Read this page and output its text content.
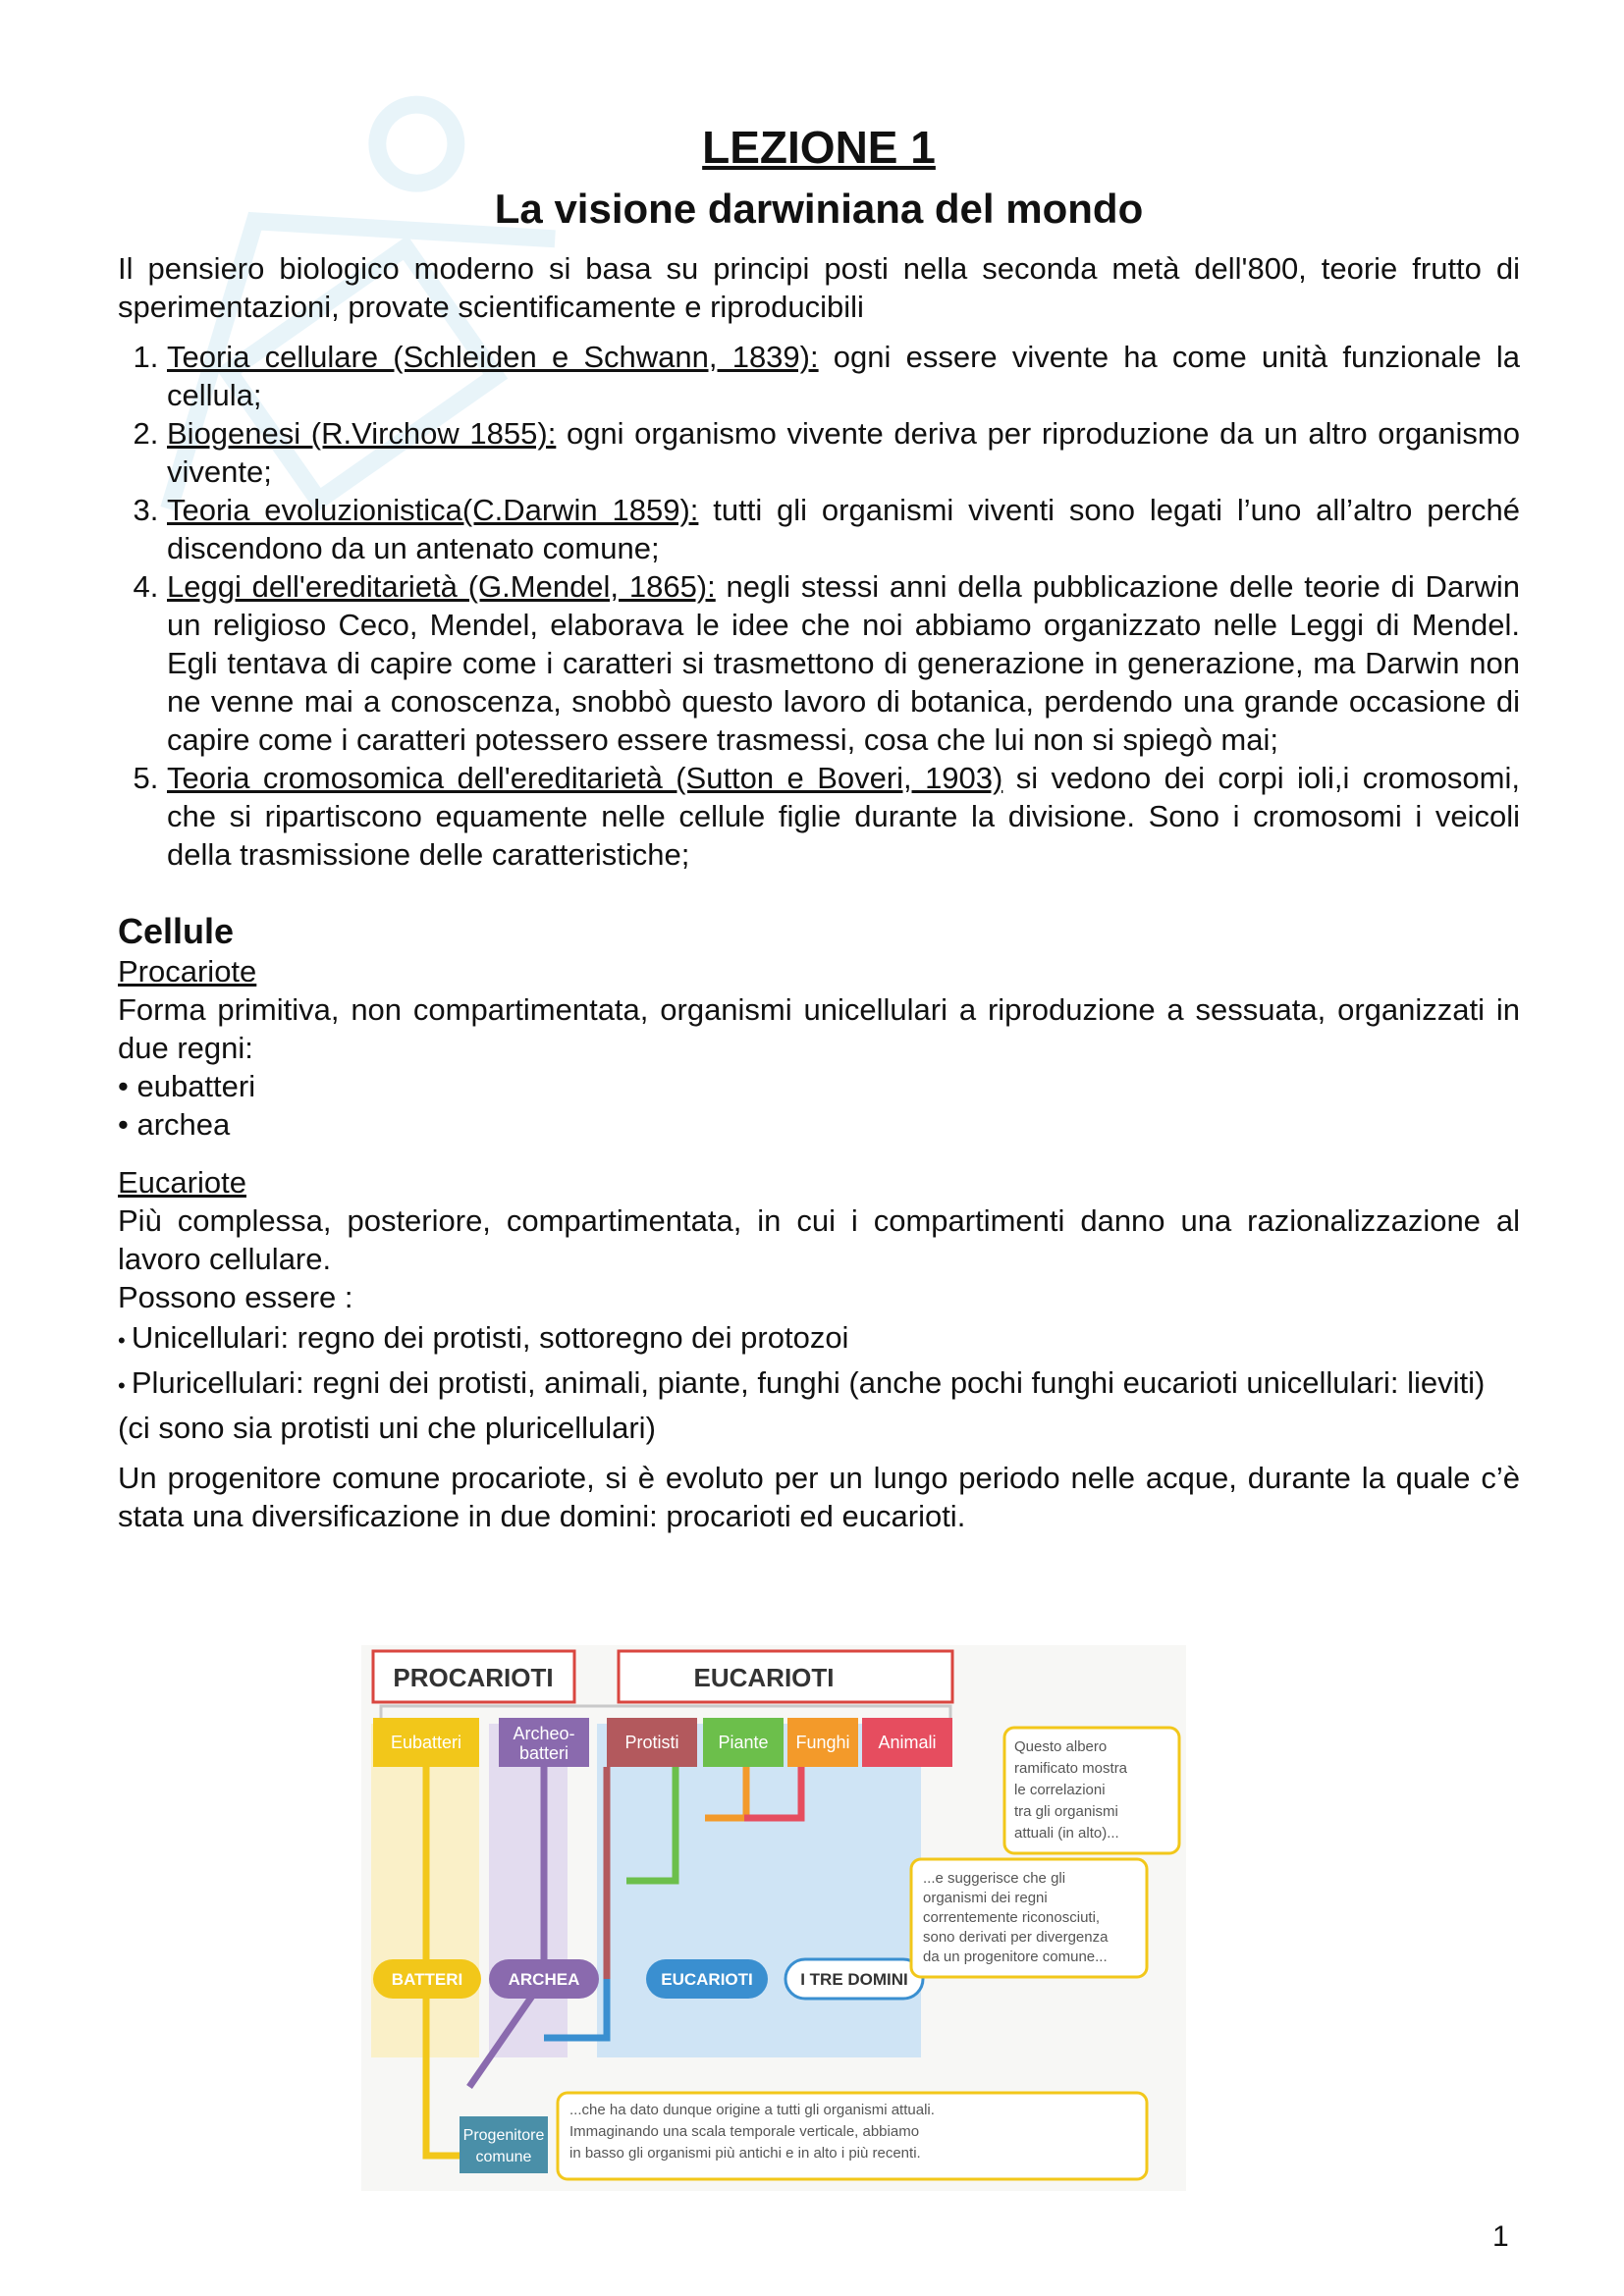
LEZIONE 1
La visione darwiniana del mondo

Il pensiero biologico moderno si basa su principi posti nella seconda metà dell'800, teorie frutto di sperimentazioni, provate scientificamente e riproducibili

1. Teoria cellulare (Schleiden e Schwann, 1839): ogni essere vivente ha come unità funzionale la cellula;
2. Biogenesi (R.Virchow 1855): ogni organismo vivente deriva per riproduzione da un altro organismo vivente;
3. Teoria evoluzionistica(C.Darwin 1859): tutti gli organismi viventi sono legati l’uno all’altro perché discendono da un antenato comune;
4. Leggi dell'ereditarietà (G.Mendel, 1865): negli stessi anni della pubblicazione delle teorie di Darwin un religioso Ceco, Mendel, elaborava le idee che noi abbiamo organizzato nelle Leggi di Mendel. Egli tentava di capire come i caratteri si trasmettono di generazione in generazione, ma Darwin non ne venne mai a conoscenza, snobbò questo lavoro di botanica, perdendo una grande occasione di capire come i caratteri potessero essere trasmessi, cosa che lui non si spiegò mai;
5. Teoria cromosomica dell'ereditarietà (Sutton e Boveri, 1903) si vedono dei corpi ioli,i cromosomi, che si ripartiscono equamente nelle cellule figlie durante la divisione. Sono i cromosomi i veicoli della trasmissione delle caratteristiche;
Cellule
Procariote

Forma primitiva, non compartimentata, organismi unicellulari a riproduzione a sessuata, organizzati in due regni:

• eubatteri
• archea
Eucariote

Più complessa, posteriore, compartimentata, in cui i compartimenti danno una razionalizzazione al lavoro cellulare.

Possono essere :

• Unicellulari: regno dei protisti, sottoregno dei protozoi
• Pluricellulari: regni dei protisti, animali, piante, funghi (anche pochi funghi eucarioti unicellulari: lieviti)

(ci sono sia protisti uni che pluricellulari)

Un progenitore comune procariote, si è evoluto per un lungo periodo nelle acque, durante la quale c’è stata una diversificazione in due domini: procarioti ed eucarioti.

PROCARIOTI	EUCARIOTI
Eubatteri	Archeo-
batteri
Protisti Piante Funghi Animali
BATTERI	ARCHEA	EUCARIOTI	I TRE DOMINI
Progenitore
comune
Questo albero
ramificato mostra
le correlazioni
tra gli organismi
attuali (in alto)...
...e suggerisce che gli
organismi dei regni
correntemente riconosciuti,
sono derivati per divergenza
da un progenitore comune...
...che ha dato dunque origine a tutti gli organismi attuali.
Immaginando una scala temporale verticale, abbiamo
in basso gli organismi più antichi e in alto i più recenti.
1
